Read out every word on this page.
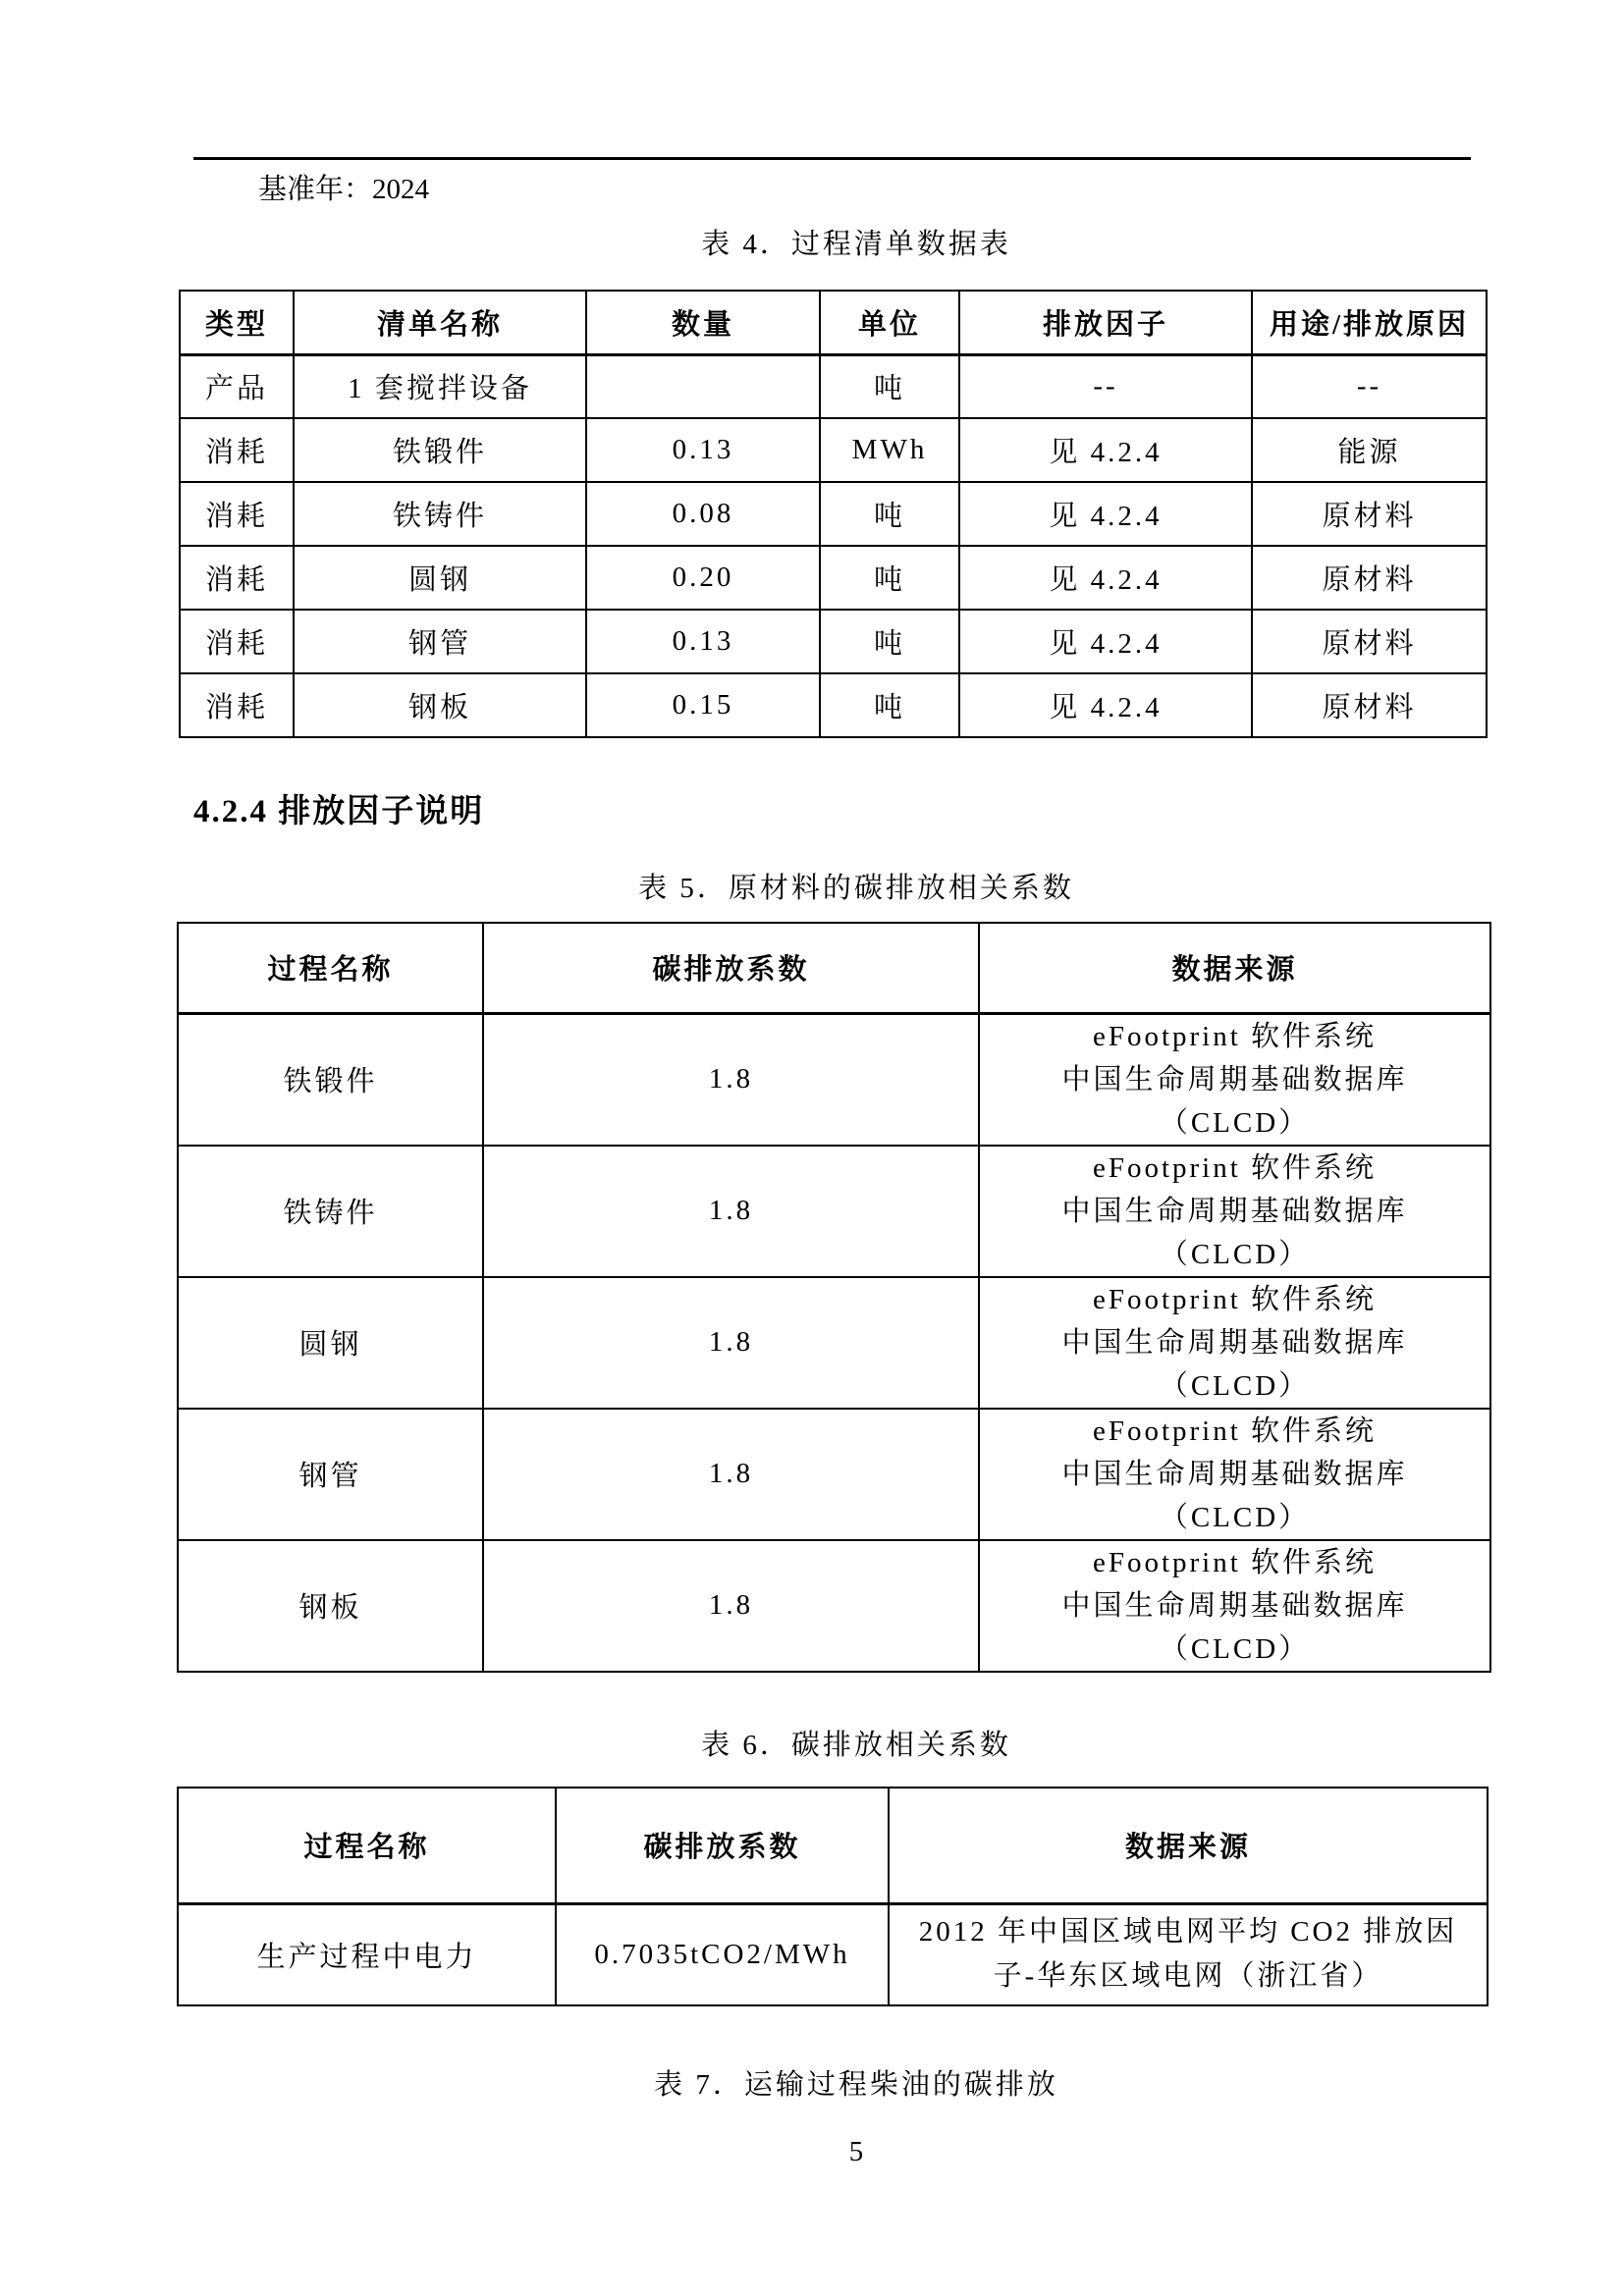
基准年：2024
表 4．过程清单数据表
类型	清单名称	数量	单位	排放因子	用途/排放原因
产品	1 套搅拌设备		吨	--	--
消耗	铁锻件	0.13	MWh	见 4.2.4	能源
消耗	铁铸件	0.08	吨	见 4.2.4	原材料
消耗	圆钢	0.20	吨	见 4.2.4	原材料
消耗	钢管	0.13	吨	见 4.2.4	原材料
消耗	钢板	0.15	吨	见 4.2.4	原材料
4.2.4 排放因子说明
表 5．原材料的碳排放相关系数
过程名称	碳排放系数	数据来源
铁锻件	1.8	eFootprint 软件系统
中国生命周期基础数据库
（CLCD）

铁铸件	1.8	eFootprint 软件系统
中国生命周期基础数据库
（CLCD）

圆钢	1.8	eFootprint 软件系统
中国生命周期基础数据库
（CLCD）

钢管	1.8	eFootprint 软件系统
中国生命周期基础数据库
（CLCD）

钢板	1.8	eFootprint 软件系统
中国生命周期基础数据库
（CLCD）
表 6．碳排放相关系数
过程名称	碳排放系数	数据来源
生产过程中电力	0.7035tCO2/MWh	2012 年中国区域电网平均 CO2 排放因
子-华东区域电网（浙江省）
表 7．运输过程柴油的碳排放
5
